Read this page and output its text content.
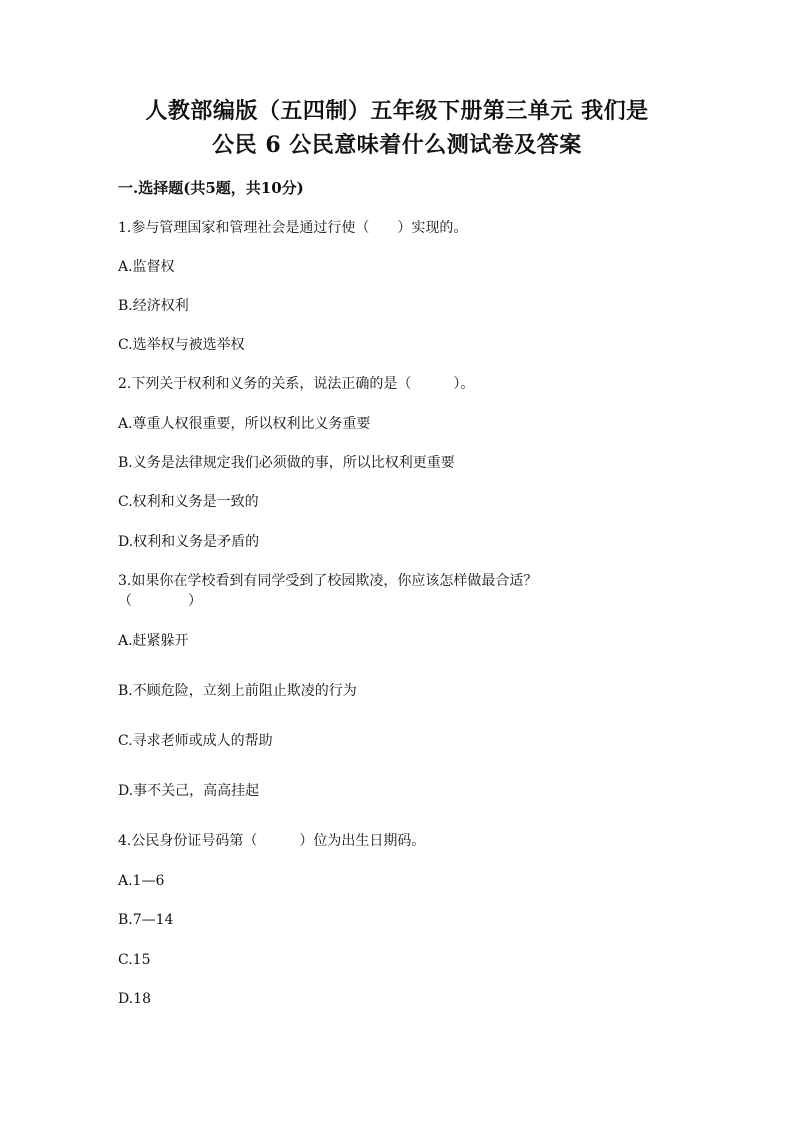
人教部编版（五四制）五年级下册第三单元 我们是
公民 6 公民意味着什么测试卷及答案
一.选择题(共5题，共10分)
1.参与管理国家和管理社会是通过行使（　　）实现的。
A.监督权
B.经济权利
C.选举权与被选举权
2.下列关于权利和义务的关系，说法正确的是（　　　）。
A.尊重人权很重要，所以权利比义务重要
B.义务是法律规定我们必须做的事，所以比权利更重要
C.权利和义务是一致的
D.权利和义务是矛盾的
3.如果你在学校看到有同学受到了校园欺凌，你应该怎样做最合适？
（　　　　）
A.赶紧躲开
B.不顾危险，立刻上前阻止欺凌的行为
C.寻求老师或成人的帮助
D.事不关己，高高挂起
4.公民身份证号码第（　　　）位为出生日期码。
A.1—6
B.7—14
C.15
D.18
